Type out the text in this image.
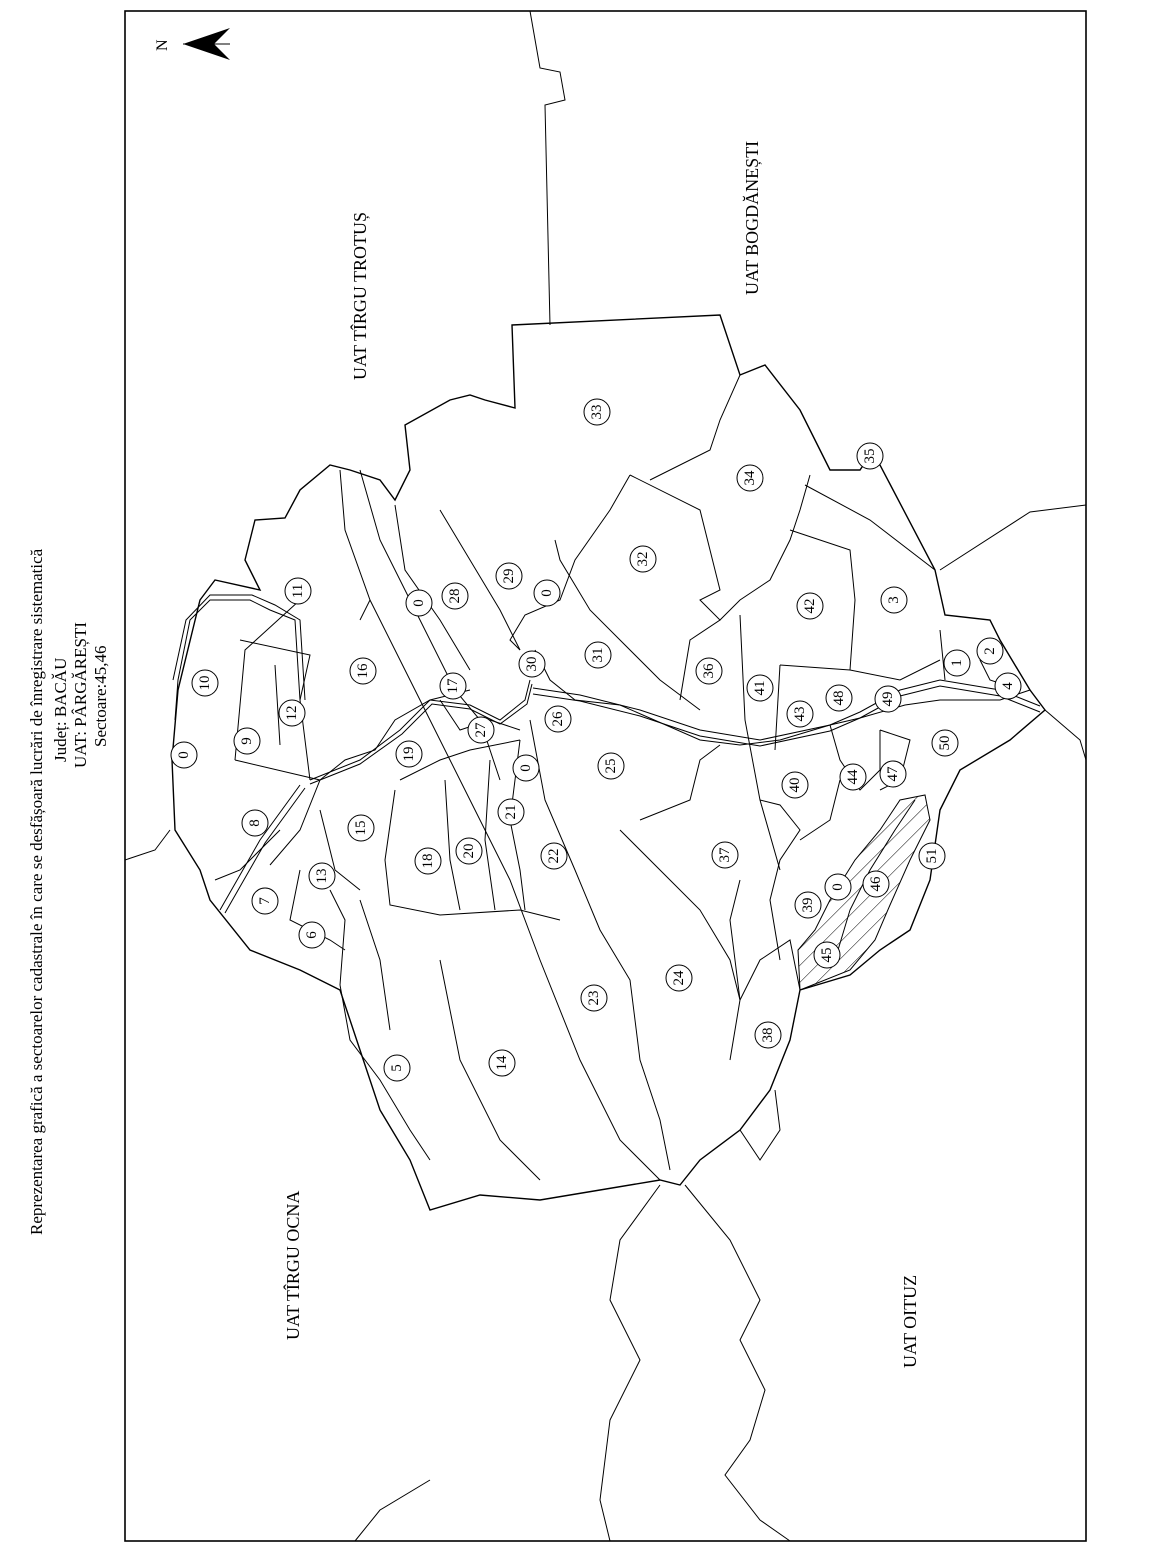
Reprezentarea grafică a sectoarelor cadastrale în care se desfășoară lucrări de înregistrare sistematică Județ: BACĂU UAT: PÂRGĂREȘTI Sectoare:45,46
N
UAT TÎRGU TROTUȘ	UAT BOGDĂNEȘTI
UAT TÎRGU OCNA	UAT OITUZ
1
2
3
4
5
6
7
8
9
10
11
12
13
14
15
16
17
18
19
20
21
22
23
24
25
26
27
28
29
30
31
32
33
34
35
36
37
38
39
40
41
42
43
44 47
48 49
50
51
0
0
0
0
0
45
46
